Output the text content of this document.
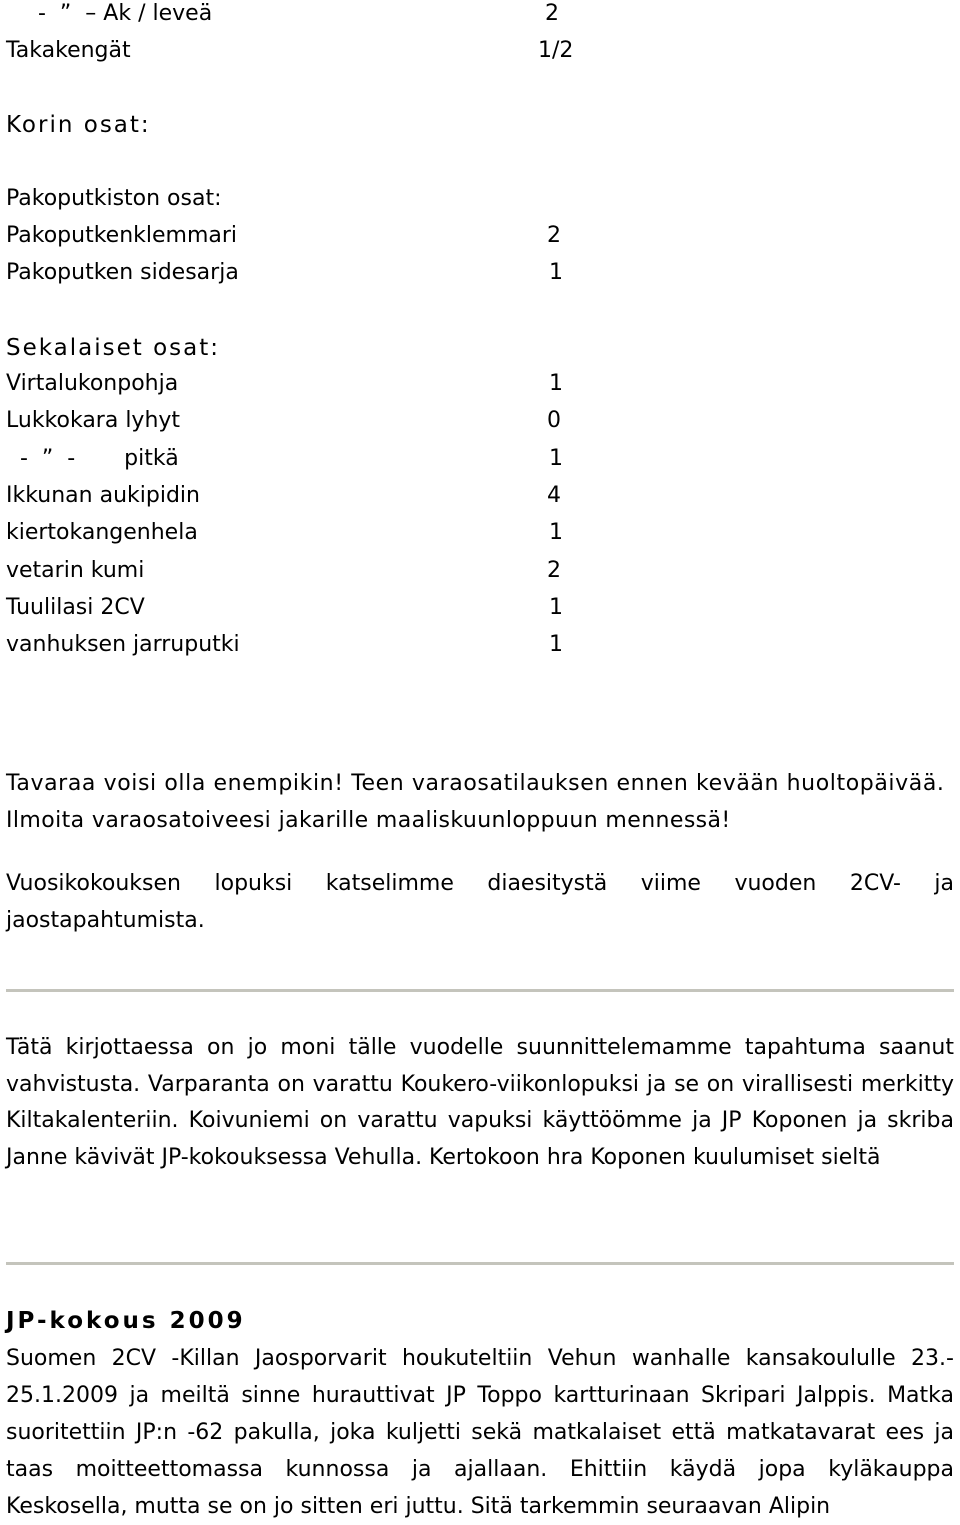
-  ”  – Ak / leveä	2
Takakengät	1/2
Korin osat:
Pakoputkiston osat:
Pakoputkenklemmari	2
Pakoputken sidesarja	1
Sekalaiset osat:
Virtalukonpohja	1
Lukkokara lyhyt	0
-  ”  -       pitkä	1
Ikkunan aukipidin	4
kiertokangenhela	1
vetarin kumi	2
Tuulilasi 2CV	1
vanhuksen jarruputki	1
Tavaraa voisi olla enempikin! Teen varaosatilauksen ennen kevään huoltopäivää.
Ilmoita varaosatoiveesi jakarille maaliskuunloppuun mennessä!
Vuosikokouksen lopuksi katselimme diaesitystä viime vuoden 2CV- ja jaostapahtumista.
Tätä kirjottaessa on jo moni tälle vuodelle suunnittelemamme tapahtuma saanut vahvistusta. Varparanta on varattu Koukero-viikonlopuksi ja se on virallisesti merkitty Kiltakalenteriin. Koivuniemi on varattu vapuksi käyttöömme ja JP Koponen ja skriba Janne kävivät JP-kokouksessa Vehulla. Kertokoon hra Koponen kuulumiset sieltä
JP-kokous 2009
Suomen 2CV -Killan Jaosporvarit houkuteltiin Vehun wanhalle kansakoululle 23.- 25.1.2009 ja meiltä sinne hurauttivat JP Toppo kartturinaan Skripari Jalppis. Matka suoritettiin JP:n -62 pakulla, joka kuljetti sekä matkalaiset että matkatavarat ees ja taas moitteettomassa kunnossa ja ajallaan. Ehittiin käydä jopa kyläkauppa Keskosella, mutta se on jo sitten eri juttu. Sitä tarkemmin seuraavan Alipin
